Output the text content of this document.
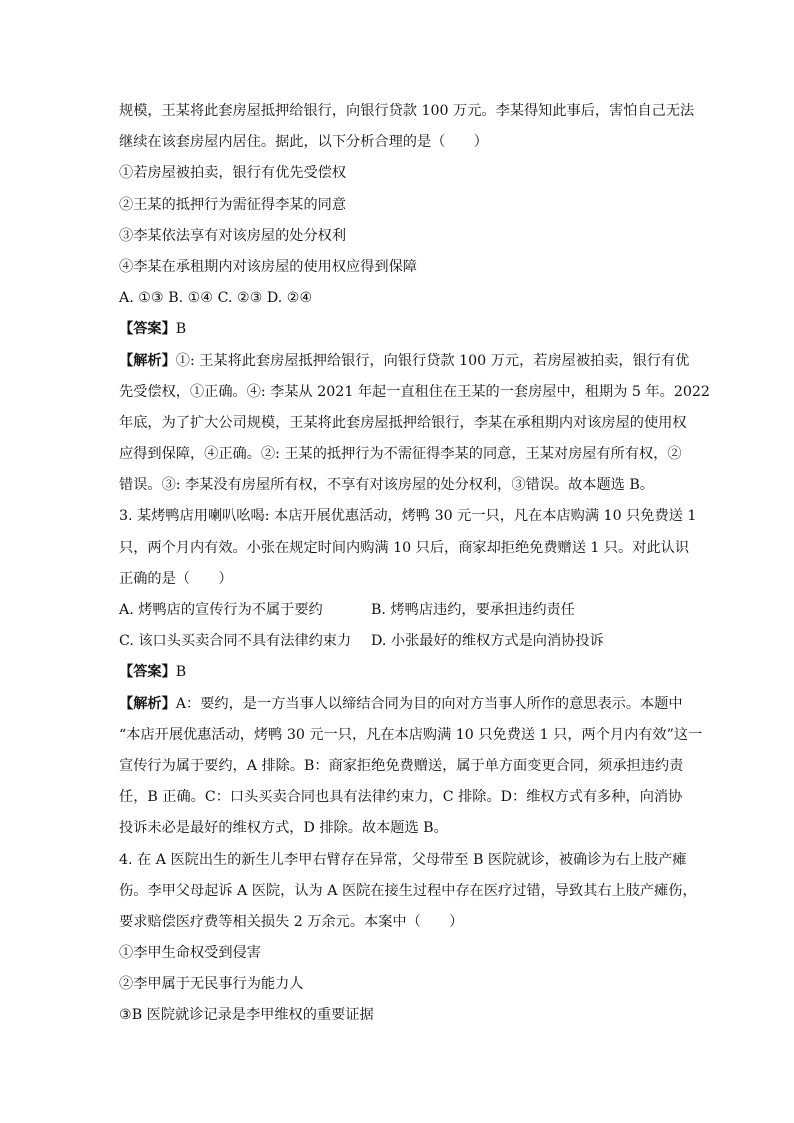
规模，王某将此套房屋抵押给银行，向银行贷款 100 万元。李某得知此事后，害怕自己无法

继续在该套房屋内居住。据此，以下分析合理的是（　　）

①若房屋被拍卖，银行有优先受偿权

②王某的抵押行为需征得李某的同意

③李某依法享有对该房屋的处分权利

④李某在承租期内对该房屋的使用权应得到保障

A. ①③ B. ①④ C. ②③ D. ②④

【答案】B

【解析】①: 王某将此套房屋抵押给银行，向银行贷款 100 万元，若房屋被拍卖，银行有优

先受偿权，①正确。④: 李某从 2021 年起一直租住在王某的一套房屋中，租期为 5 年。2022

年底，为了扩大公司规模，王某将此套房屋抵押给银行，李某在承租期内对该房屋的使用权

应得到保障，④正确。②: 王某的抵押行为不需征得李某的同意，王某对房屋有所有权，②

错误。③: 李某没有房屋所有权，不享有对该房屋的处分权利，③错误。故本题选 B。

3. 某烤鸭店用喇叭吆喝: 本店开展优惠活动，烤鸭 30 元一只，凡在本店购满 10 只免费送 1

只，两个月内有效。小张在规定时间内购满 10 只后，商家却拒绝免费赠送 1 只。对此认识

正确的是（　　）

A. 烤鸭店的宣传行为不属于要约	B. 烤鸭店违约，要承担违约责任
C. 该口头买卖合同不具有法律约束力	D. 小张最好的维权方式是向消协投诉

【答案】B

【解析】A：要约，是一方当事人以缔结合同为目的向对方当事人所作的意思表示。本题中

“本店开展优惠活动，烤鸭 30 元一只，凡在本店购满 10 只免费送 1 只，两个月内有效”这一

宣传行为属于要约，A 排除。B：商家拒绝免费赠送，属于单方面变更合同，须承担违约责

任，B 正确。C：口头买卖合同也具有法律约束力，C 排除。D：维权方式有多种，向消协

投诉未必是最好的维权方式，D 排除。故本题选 B。

4. 在 A 医院出生的新生儿李甲右臂存在异常，父母带至 B 医院就诊，被确诊为右上肢产瘫

伤。李甲父母起诉 A 医院，认为 A 医院在接生过程中存在医疗过错，导致其右上肢产瘫伤，

要求赔偿医疗费等相关损失 2 万余元。本案中（　　）

①李甲生命权受到侵害

②李甲属于无民事行为能力人

③B 医院就诊记录是李甲维权的重要证据
